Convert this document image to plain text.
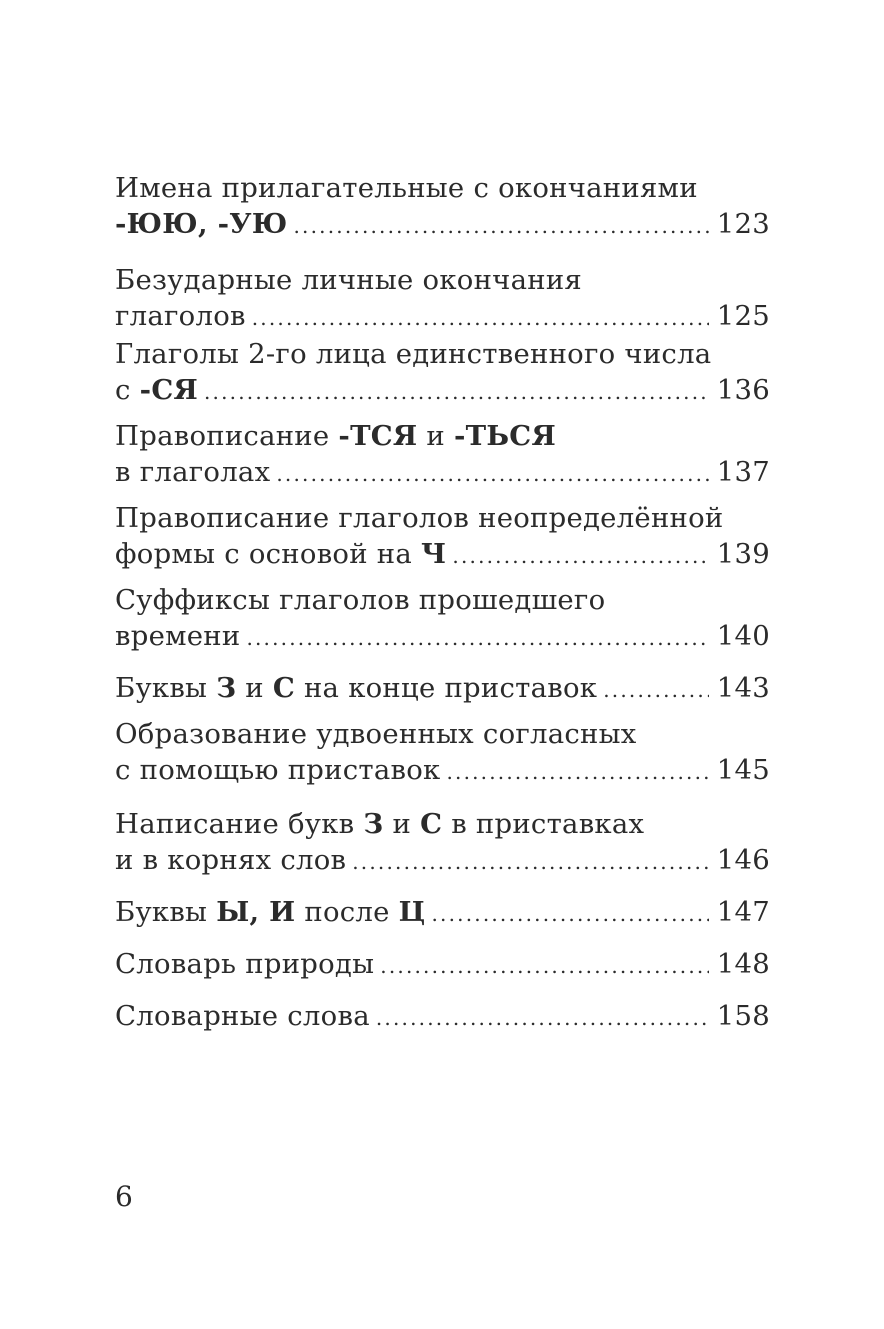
Имена прилагательные с окончаниями
-ЮЮ, -УЮ .....	123
Безударные личные окончания
глаголов .....	125
Глаголы 2-го лица единственного числа
с -СЯ .....	136
Правописание -ТСЯ и -ТЬСЯ
в глаголах .....	137
Правописание глаголов неопределённой
формы с основой на Ч .....	139
Суффиксы глаголов прошедшего
времени .....	140
Буквы З и С на конце приставок .....	143
Образование удвоенных согласных
с помощью приставок .....	145
Написание букв З и С в приставках
и в корнях слов .....	146
Буквы Ы, И после Ц .....	147
Словарь природы .....	148
Словарные слова .....	158
6
